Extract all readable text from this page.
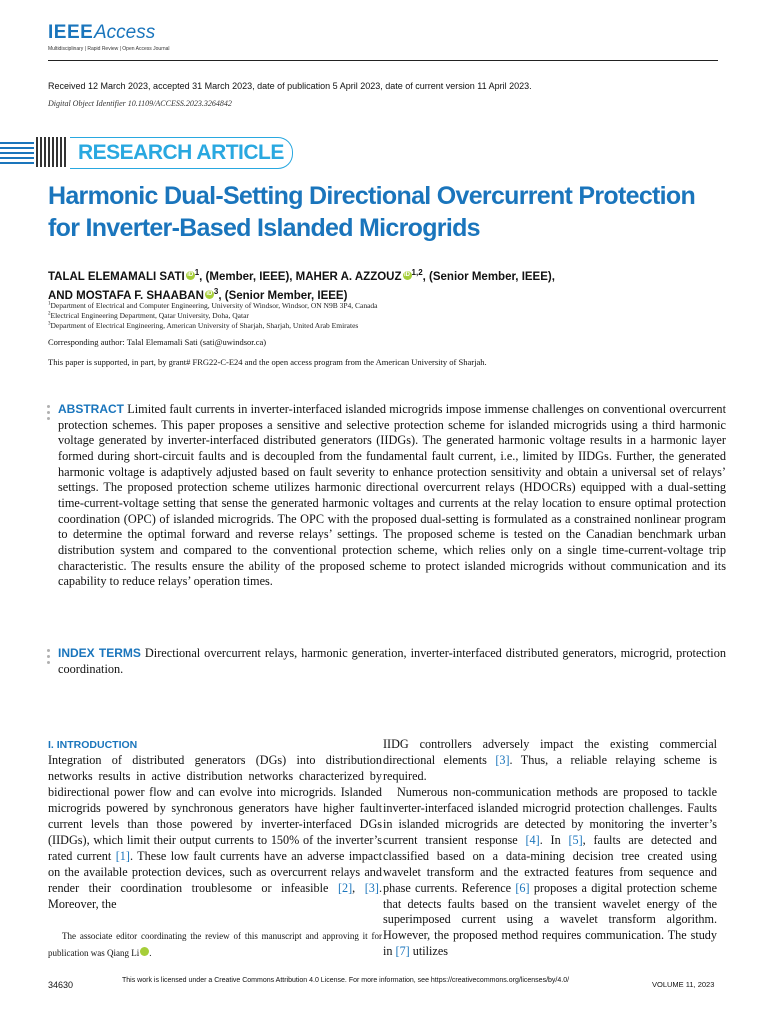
IEEE Access
Multidisciplinary | Rapid Review | Open Access Journal
Received 12 March 2023, accepted 31 March 2023, date of publication 5 April 2023, date of current version 11 April 2023.
Digital Object Identifier 10.1109/ACCESS.2023.3264842
RESEARCH ARTICLE
Harmonic Dual-Setting Directional Overcurrent Protection for Inverter-Based Islanded Microgrids
TALAL ELEMAMALI SATI iD $^1$, (Member, IEEE), MAHER A. AZZOUZ iD $^{1,2}$, (Senior Member, IEEE),
AND MOSTAFA F. SHAABAN iD $^3$, (Senior Member, IEEE)
$^1$Department of Electrical and Computer Engineering, University of Windsor, Windsor, ON N9B 3P4, Canada
$^2$Electrical Engineering Department, Qatar University, Doha, Qatar
$^3$Department of Electrical Engineering, American University of Sharjah, Sharjah, United Arab Emirates
Corresponding author: Talal Elemamali Sati (sati@uwindsor.ca)
This paper is supported, in part, by grant# FRG22-C-E24 and the open access program from the American University of Sharjah.
ABSTRACT Limited fault currents in inverter-interfaced islanded microgrids impose immense challenges on conventional overcurrent protection schemes. This paper proposes a sensitive and selective protection scheme for islanded microgrids using a third harmonic voltage generated by inverter-interfaced distributed generators (IIDGs). The generated harmonic voltage results in a harmonic layer formed during short-circuit faults and is decoupled from the fundamental fault current, i.e., limited by IIDGs. Further, the generated harmonic voltage is adaptively adjusted based on fault severity to enhance protection sensitivity and obtain a universal set of relays’ settings. The proposed protection scheme utilizes harmonic directional overcurrent relays (HDOCRs) equipped with a dual-setting time-current-voltage setting that sense the generated harmonic voltages and currents at the relay location to ensure optimal protection coordination (OPC) of islanded microgrids. The OPC with the proposed dual-setting is formulated as a constrained nonlinear program to determine the optimal forward and reverse relays’ settings. The proposed scheme is tested on the Canadian benchmark urban distribution system and compared to the conventional protection scheme, which relies only on a single time-current-voltage trip characteristic. The results ensure the ability of the proposed scheme to protect islanded microgrids without communication and its capability to reduce relays’ operation times.
INDEX TERMS Directional overcurrent relays, harmonic generation, inverter-interfaced distributed generators, microgrid, protection coordination.
I. INTRODUCTION

Integration of distributed generators (DGs) into distribution networks results in active distribution networks characterized by bidirectional power flow and can evolve into microgrids. Islanded microgrids powered by synchronous generators have higher fault current levels than those powered by inverter-interfaced DGs (IIDGs), which limit their output currents to 150% of the inverter’s rated current [1]. These low fault currents have an adverse impact on the available protection devices, such as overcurrent relays and render their coordination troublesome or infeasible [2], [3]. Moreover, the

The associate editor coordinating the review of this manuscript and approving it for publication was Qiang Li	iD.

IIDG controllers adversely impact the existing commercial directional elements [3]. Thus, a reliable relaying scheme is required.

Numerous non-communication methods are proposed to tackle inverter-interfaced islanded microgrid protection challenges. Faults in islanded microgrids are detected by monitoring the inverter’s current transient response [4]. In [5], faults are detected and classified based on a data-mining decision tree created using wavelet transform and the extracted features from sequence and phase currents. Reference [6] proposes a digital protection scheme that detects faults based on the transient wavelet energy of the superimposed current using a wavelet transform algorithm. However, the proposed method requires communication. The study in [7] utilizes

34630	This work is licensed under a Creative Commons Attribution 4.0 License. For more information, see https://creativecommons.org/licenses/by/4.0/	VOLUME 11, 2023
